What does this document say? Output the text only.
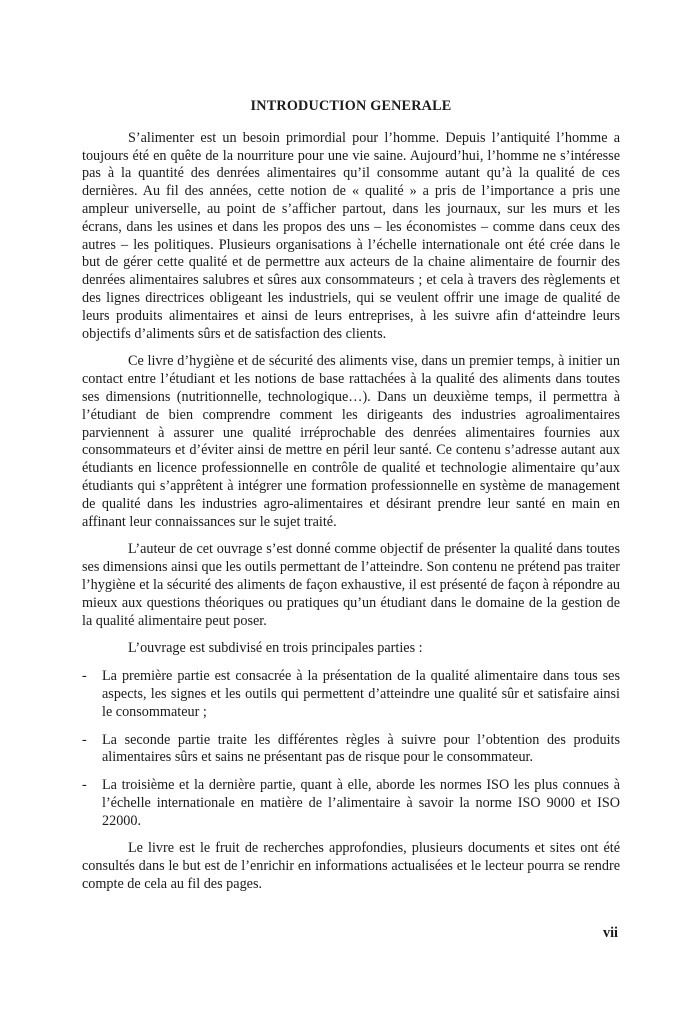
INTRODUCTION GENERALE

S’alimenter est un besoin primordial pour l’homme. Depuis l’antiquité l’homme a toujours été en quête de la nourriture pour une vie saine. Aujourd’hui, l’homme ne s’intéresse pas à la quantité des denrées alimentaires qu’il consomme autant qu’à la qualité de ces dernières. Au fil des années, cette notion de « qualité » a pris de l’importance a pris une ampleur universelle, au point de s’afficher partout, dans les journaux, sur les murs et les écrans, dans les usines et dans les propos des uns – les économistes – comme dans ceux des autres – les politiques. Plusieurs organisations à l’échelle internationale ont été crée dans le but de gérer cette qualité et de permettre aux acteurs de la chaine alimentaire de fournir des denrées alimentaires salubres et sûres aux consommateurs ; et cela à travers des règlements et des lignes directrices obligeant les industriels, qui se veulent offrir une image de qualité de leurs produits alimentaires et ainsi de leurs entreprises, à les suivre afin d‘atteindre leurs objectifs d’aliments sûrs et de satisfaction des clients.

Ce livre d’hygiène et de sécurité des aliments vise, dans un premier temps, à initier un contact entre l’étudiant et les notions de base rattachées à la qualité des aliments dans toutes ses dimensions (nutritionnelle, technologique…). Dans un deuxième temps, il permettra à l’étudiant de bien comprendre comment les dirigeants des industries agroalimentaires parviennent à assurer une qualité irréprochable des denrées alimentaires fournies aux consommateurs et d’éviter ainsi de mettre en péril leur santé. Ce contenu s’adresse autant aux étudiants en licence professionnelle en contrôle de qualité et technologie alimentaire qu’aux étudiants qui s’apprêtent à intégrer une formation professionnelle en système de management de qualité dans les industries agro-alimentaires et désirant prendre leur santé en main en affinant leur connaissances sur le sujet traité.

L’auteur de cet ouvrage s’est donné comme objectif de présenter la qualité dans toutes ses dimensions ainsi que les outils permettant de l’atteindre. Son contenu ne prétend pas traiter l’hygiène et la sécurité des aliments de façon exhaustive, il est présenté de façon à répondre au mieux aux questions théoriques ou pratiques qu’un étudiant dans le domaine de la gestion de la qualité alimentaire peut poser.

L’ouvrage est subdivisé en trois principales parties :

-	La première partie est consacrée à la présentation de la qualité alimentaire dans tous ses aspects, les signes et les outils qui permettent d’atteindre une qualité sûr et satisfaire ainsi le consommateur ;
-	La seconde partie traite les différentes règles à suivre pour l’obtention des produits alimentaires sûrs et sains ne présentant pas de risque pour le consommateur.
-	La troisième et la dernière partie, quant à elle, aborde les normes ISO les plus connues à l’échelle internationale en matière de l’alimentaire à savoir la norme ISO 9000 et ISO 22000.

Le livre est le fruit de recherches approfondies, plusieurs documents et sites ont été consultés dans le but est de l’enrichir en informations actualisées et le lecteur pourra se rendre compte de cela au fil des pages.

vii
